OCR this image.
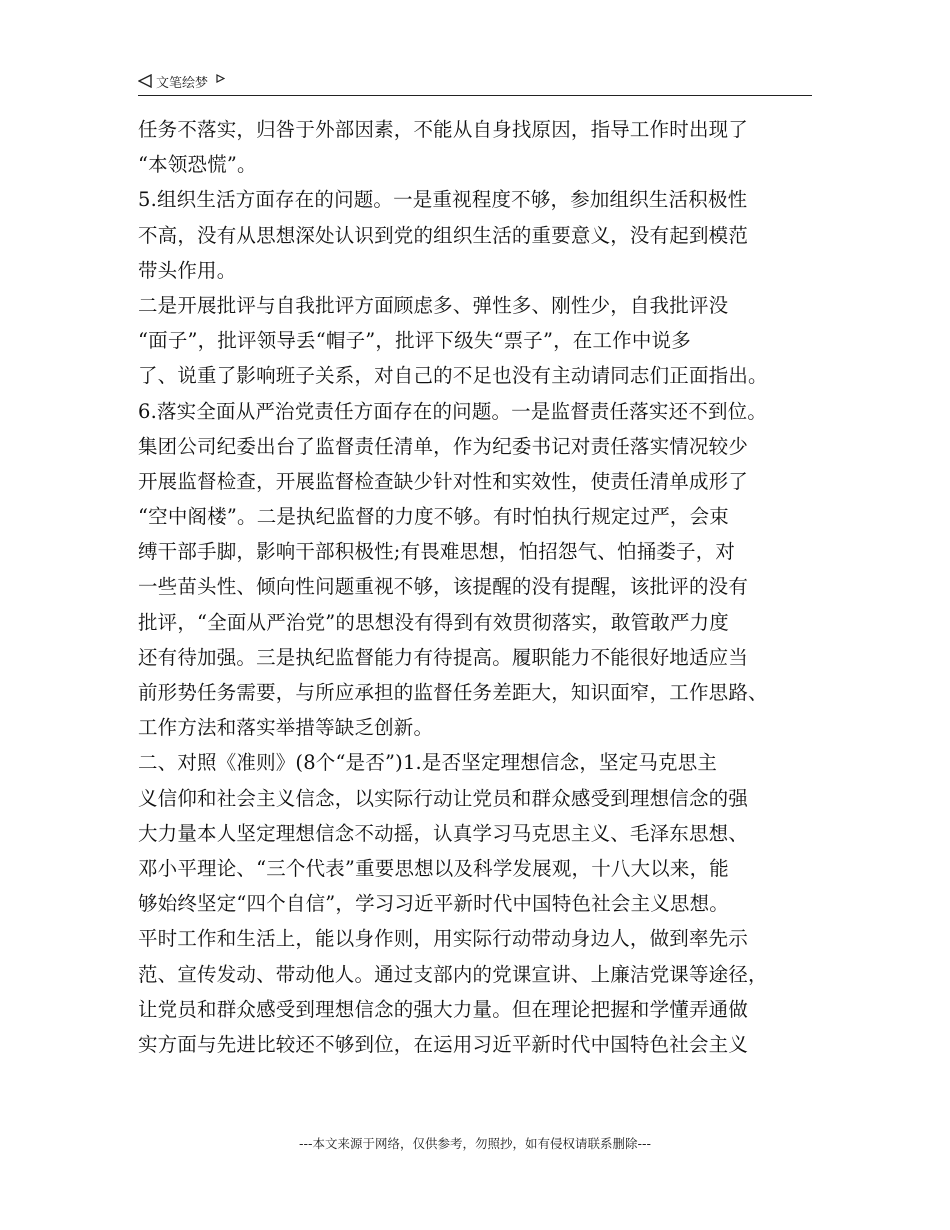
文笔绘梦
任务不落实，归咎于外部因素，不能从自身找原因，指导工作时出现了
“本领恐慌”。
5.组织生活方面存在的问题。一是重视程度不够，参加组织生活积极性
不高，没有从思想深处认识到党的组织生活的重要意义，没有起到模范
带头作用。
二是开展批评与自我批评方面顾虑多、弹性多、刚性少，自我批评没
“面子”，批评领导丢“帽子”，批评下级失“票子”，在工作中说多
了、说重了影响班子关系，对自己的不足也没有主动请同志们正面指出。
6.落实全面从严治党责任方面存在的问题。一是监督责任落实还不到位。
集团公司纪委出台了监督责任清单，作为纪委书记对责任落实情况较少
开展监督检查，开展监督检查缺少针对性和实效性，使责任清单成形了
“空中阁楼”。二是执纪监督的力度不够。有时怕执行规定过严，会束
缚干部手脚，影响干部积极性;有畏难思想，怕招怨气、怕捅娄子，对
一些苗头性、倾向性问题重视不够，该提醒的没有提醒，该批评的没有
批评，“全面从严治党”的思想没有得到有效贯彻落实，敢管敢严力度
还有待加强。三是执纪监督能力有待提高。履职能力不能很好地适应当
前形势任务需要，与所应承担的监督任务差距大，知识面窄，工作思路、
工作方法和落实举措等缺乏创新。
二、对照《准则》(8个“是否”)1.是否坚定理想信念，坚定马克思主
义信仰和社会主义信念，以实际行动让党员和群众感受到理想信念的强
大力量本人坚定理想信念不动摇，认真学习马克思主义、毛泽东思想、
邓小平理论、“三个代表”重要思想以及科学发展观，十八大以来，能
够始终坚定“四个自信”，学习习近平新时代中国特色社会主义思想。
平时工作和生活上，能以身作则，用实际行动带动身边人，做到率先示
范、宣传发动、带动他人。通过支部内的党课宣讲、上廉洁党课等途径，
让党员和群众感受到理想信念的强大力量。但在理论把握和学懂弄通做
实方面与先进比较还不够到位，在运用习近平新时代中国特色社会主义
---本文来源于网络，仅供参考，勿照抄，如有侵权请联系删除---
